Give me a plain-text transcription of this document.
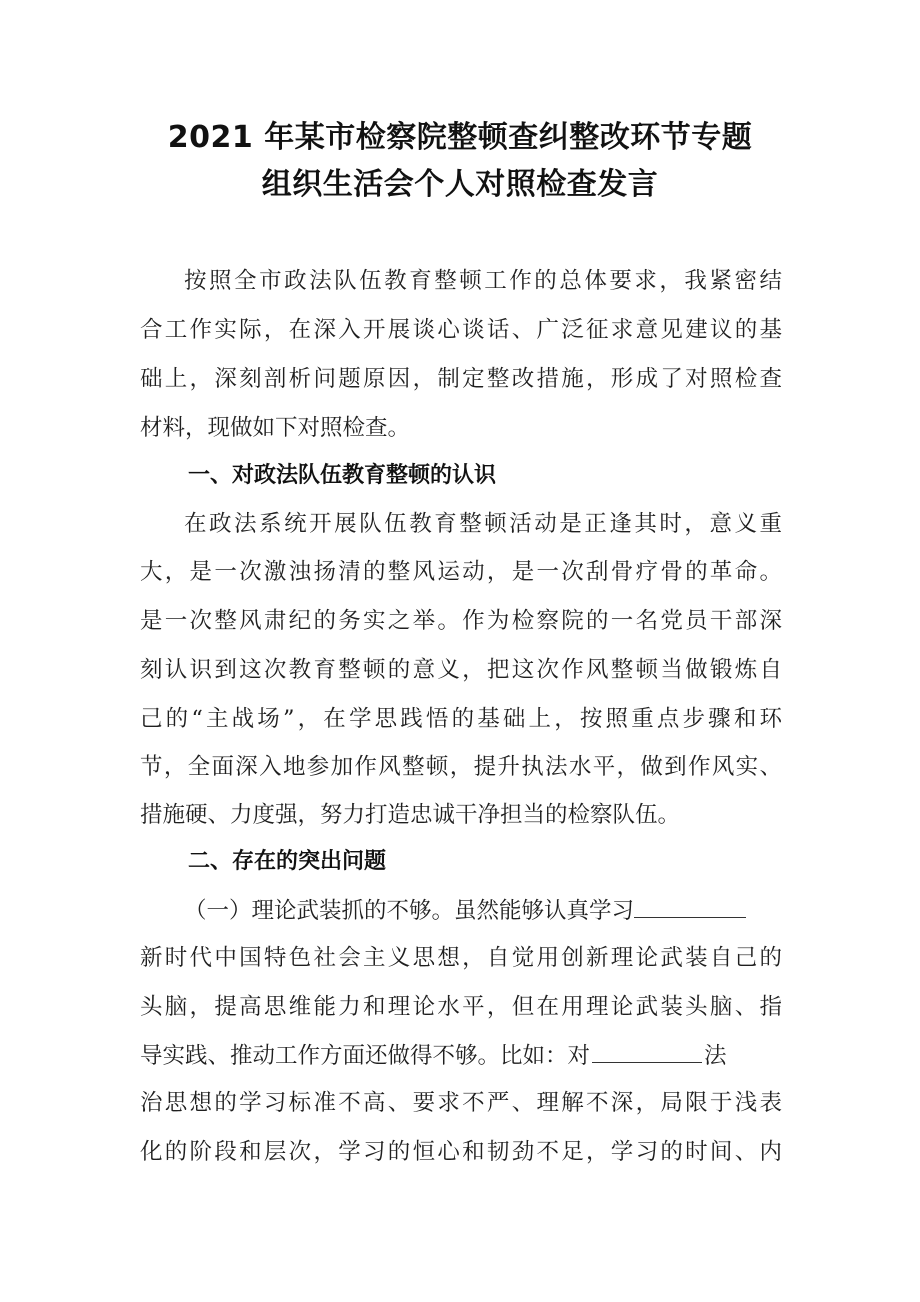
2021 年某市检察院整顿查纠整改环节专题
组织生活会个人对照检查发言
按照全市政法队伍教育整顿工作的总体要求，我紧密结
合工作实际，在深入开展谈心谈话、广泛征求意见建议的基
础上，深刻剖析问题原因，制定整改措施，形成了对照检查
材料，现做如下对照检查。
一、对政法队伍教育整顿的认识
在政法系统开展队伍教育整顿活动是正逢其时，意义重
大，是一次激浊扬清的整风运动，是一次刮骨疗骨的革命。
是一次整风肃纪的务实之举。作为检察院的一名党员干部深
刻认识到这次教育整顿的意义，把这次作风整顿当做锻炼自
己的“主战场”，在学思践悟的基础上，按照重点步骤和环
节，全面深入地参加作风整顿，提升执法水平，做到作风实、
措施硬、力度强，努力打造忠诚干净担当的检察队伍。
二、存在的突出问题
（一）理论武装抓的不够。虽然能够认真学习
新时代中国特色社会主义思想，自觉用创新理论武装自己的
头脑，提高思维能力和理论水平，但在用理论武装头脑、指
导实践、推动工作方面还做得不够。比如：对	法
治思想的学习标准不高、要求不严、理解不深，局限于浅表
化的阶段和层次，学习的恒心和韧劲不足，学习的时间、内
